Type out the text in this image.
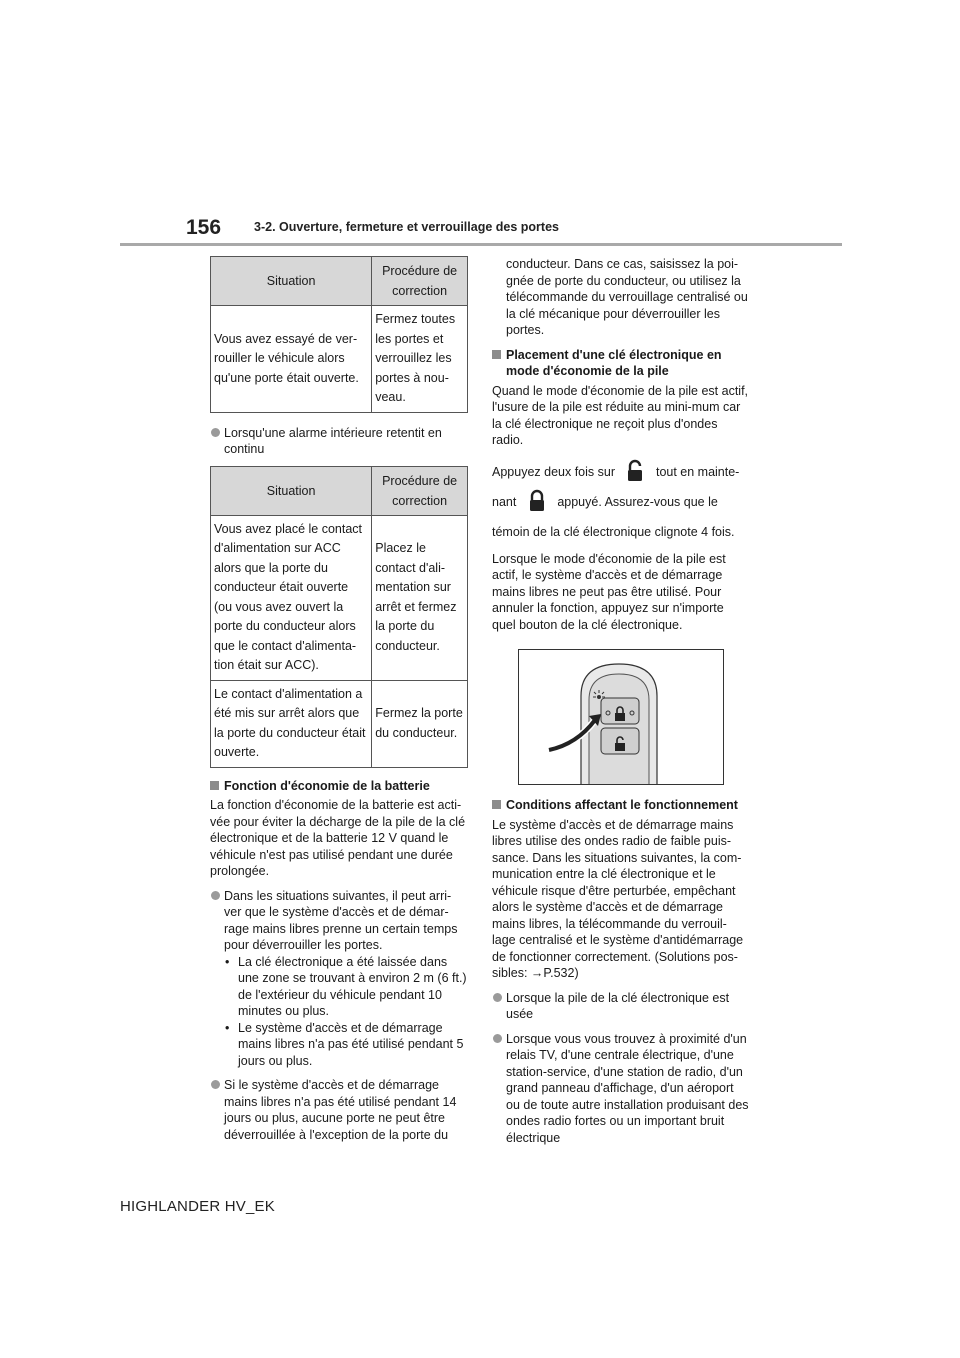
156	3-2. Ouverture, fermeture et verrouillage des portes
Situation	Procédure de correction
Vous avez essayé de ver-rouiller le véhicule alors qu'une porte était ouverte.	Fermez toutes les portes et verrouillez les portes à nou-veau.
Lorsqu'une alarme intérieure retentit en continu
Situation	Procédure de correction
Vous avez placé le contact d'alimentation sur ACC alors que la porte du conducteur était ouverte (ou vous avez ouvert la porte du conducteur alors que le contact d'alimenta-tion était sur ACC).	Placez le contact d'ali-mentation sur arrêt et fermez la porte du conducteur.
Le contact d'alimentation a été mis sur arrêt alors que la porte du conducteur était ouverte.	Fermez la porte du conducteur.
Fonction d'économie de la batterie

La fonction d'économie de la batterie est acti-vée pour éviter la décharge de la pile de la clé électronique et de la batterie 12 V quand le véhicule n'est pas utilisé pendant une durée prolongée.

Dans les situations suivantes, il peut arri-ver que le système d'accès et de démar-rage mains libres prenne un certain temps pour déverrouiller les portes.
• La clé électronique a été laissée dans une zone se trouvant à environ 2 m (6 ft.) de l'extérieur du véhicule pendant 10 minutes ou plus.
• Le système d'accès et de démarrage mains libres n'a pas été utilisé pendant 5 jours ou plus.
Si le système d'accès et de démarrage mains libres n'a pas été utilisé pendant 14 jours ou plus, aucune porte ne peut être déverrouillée à l'exception de la porte du

conducteur. Dans ce cas, saisissez la poi-gnée de porte du conducteur, ou utilisez la télécommande du verrouillage centralisé ou la clé mécanique pour déverrouiller les portes.

Placement d'une clé électronique en mode d'économie de la pile

Quand le mode d'économie de la pile est actif, l'usure de la pile est réduite au mini-mum car la clé électronique ne reçoit plus d'ondes radio.

Appuyez deux fois sur	tout en mainte-
nant	appuyé. Assurez-vous que le
témoin de la clé électronique clignote 4 fois.

Lorsque le mode d'économie de la pile est actif, le système d'accès et de démarrage mains libres ne peut pas être utilisé. Pour annuler la fonction, appuyez sur n'importe quel bouton de la clé électronique.

Conditions affectant le fonctionnement

Le système d'accès et de démarrage mains libres utilise des ondes radio de faible puis-sance. Dans les situations suivantes, la com-munication entre la clé électronique et le véhicule risque d'être perturbée, empêchant alors le système d'accès et de démarrage mains libres, la télécommande du verrouil-lage centralisé et le système d'antidémarrage de fonctionner correctement. (Solutions pos-sibles: →P.532)

Lorsque la pile de la clé électronique est usée
Lorsque vous vous trouvez à proximité d'un relais TV, d'une centrale électrique, d'une station-service, d'une station de radio, d'un grand panneau d'affichage, d'un aéroport ou de toute autre installation produisant des ondes radio fortes ou un important bruit électrique
HIGHLANDER HV_EK
